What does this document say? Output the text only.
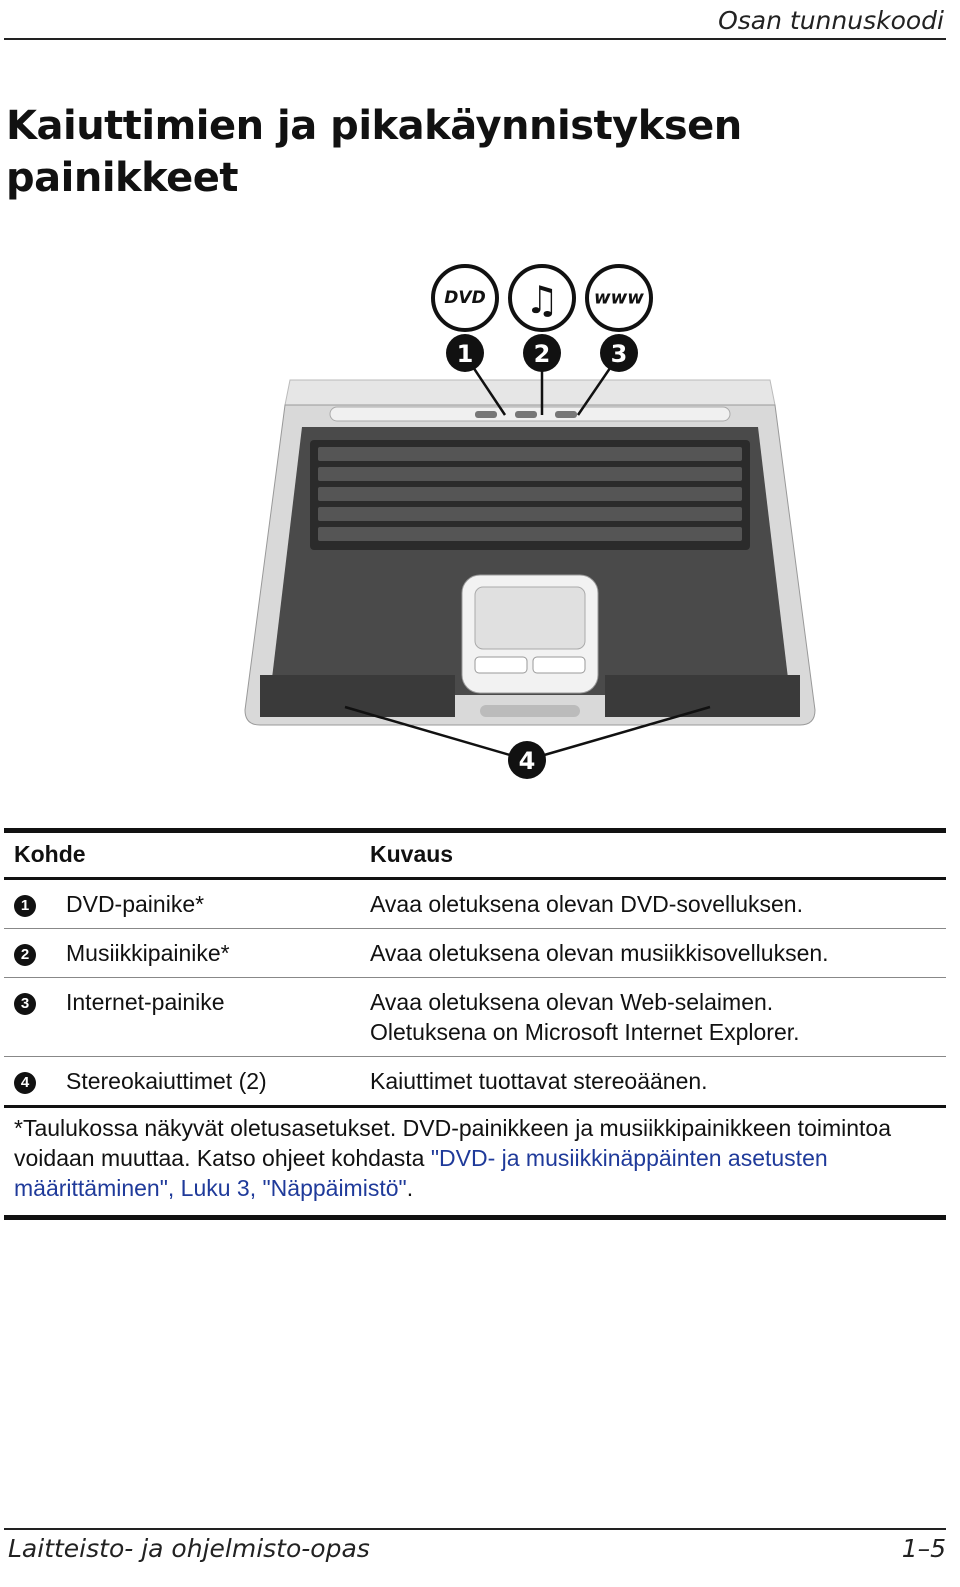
Osan tunnuskoodi
Kaiuttimien ja pikakäynnistyksen painikkeet
DVD ♫ www
1	2	3
4
Kohde	Kuvaus
1	DVD-painike*	Avaa oletuksena olevan DVD-sovelluksen.
2	Musiikkipainike*	Avaa oletuksena olevan musiikkisovelluksen.
3	Internet-painike	Avaa oletuksena olevan Web-selaimen.
Oletuksena on Microsoft Internet Explorer.
4	Stereokaiuttimet (2)	Kaiuttimet tuottavat stereoäänen.
*Taulukossa näkyvät oletusasetukset. DVD-painikkeen ja musiikkipainikkeen toimintoa voidaan muuttaa. Katso ohjeet kohdasta "DVD- ja musiikkinäppäinten asetusten määrittäminen", Luku 3, "Näppäimistö".
Laitteisto- ja ohjelmisto-opas	1–5
